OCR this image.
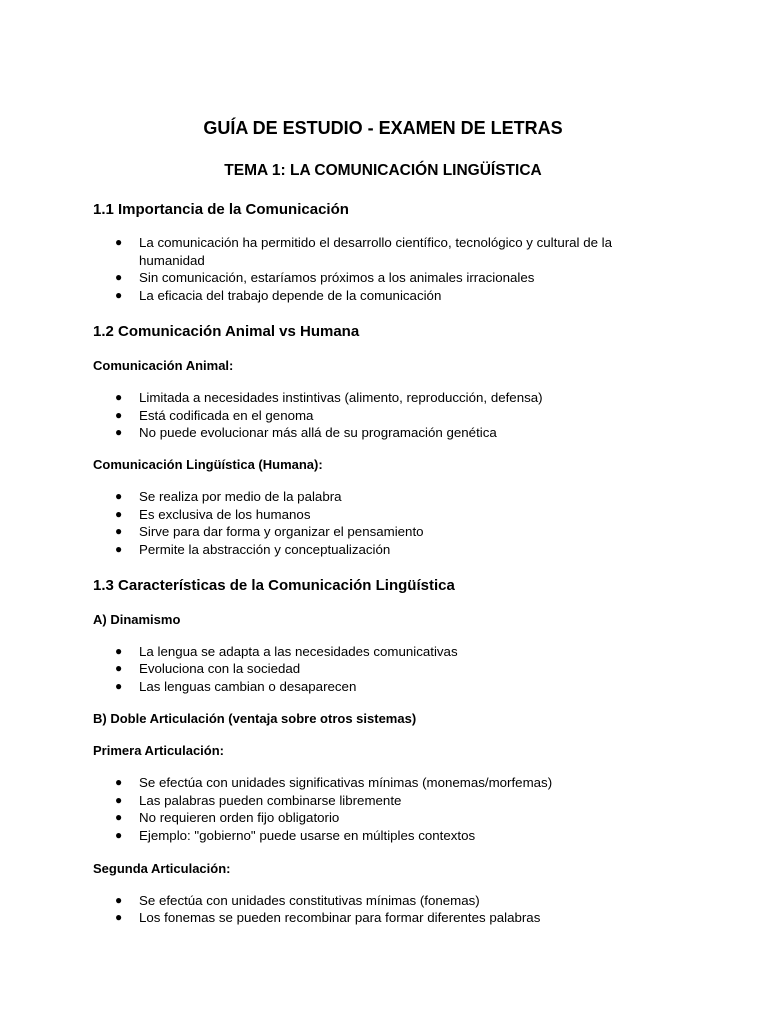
GUÍA DE ESTUDIO - EXAMEN DE LETRAS
TEMA 1: LA COMUNICACIÓN LINGÜÍSTICA
1.1 Importancia de la Comunicación
● La comunicación ha permitido el desarrollo científico, tecnológico y cultural de la humanidad
● Sin comunicación, estaríamos próximos a los animales irracionales
● La eficacia del trabajo depende de la comunicación
1.2 Comunicación Animal vs Humana
Comunicación Animal:
● Limitada a necesidades instintivas (alimento, reproducción, defensa)
● Está codificada en el genoma
● No puede evolucionar más allá de su programación genética
Comunicación Lingüística (Humana):
● Se realiza por medio de la palabra
● Es exclusiva de los humanos
● Sirve para dar forma y organizar el pensamiento
● Permite la abstracción y conceptualización
1.3 Características de la Comunicación Lingüística
A) Dinamismo
● La lengua se adapta a las necesidades comunicativas
● Evoluciona con la sociedad
● Las lenguas cambian o desaparecen
B) Doble Articulación (ventaja sobre otros sistemas)
Primera Articulación:
● Se efectúa con unidades significativas mínimas (monemas/morfemas)
● Las palabras pueden combinarse libremente
● No requieren orden fijo obligatorio
● Ejemplo: "gobierno" puede usarse en múltiples contextos
Segunda Articulación:
● Se efectúa con unidades constitutivas mínimas (fonemas)
● Los fonemas se pueden recombinar para formar diferentes palabras
